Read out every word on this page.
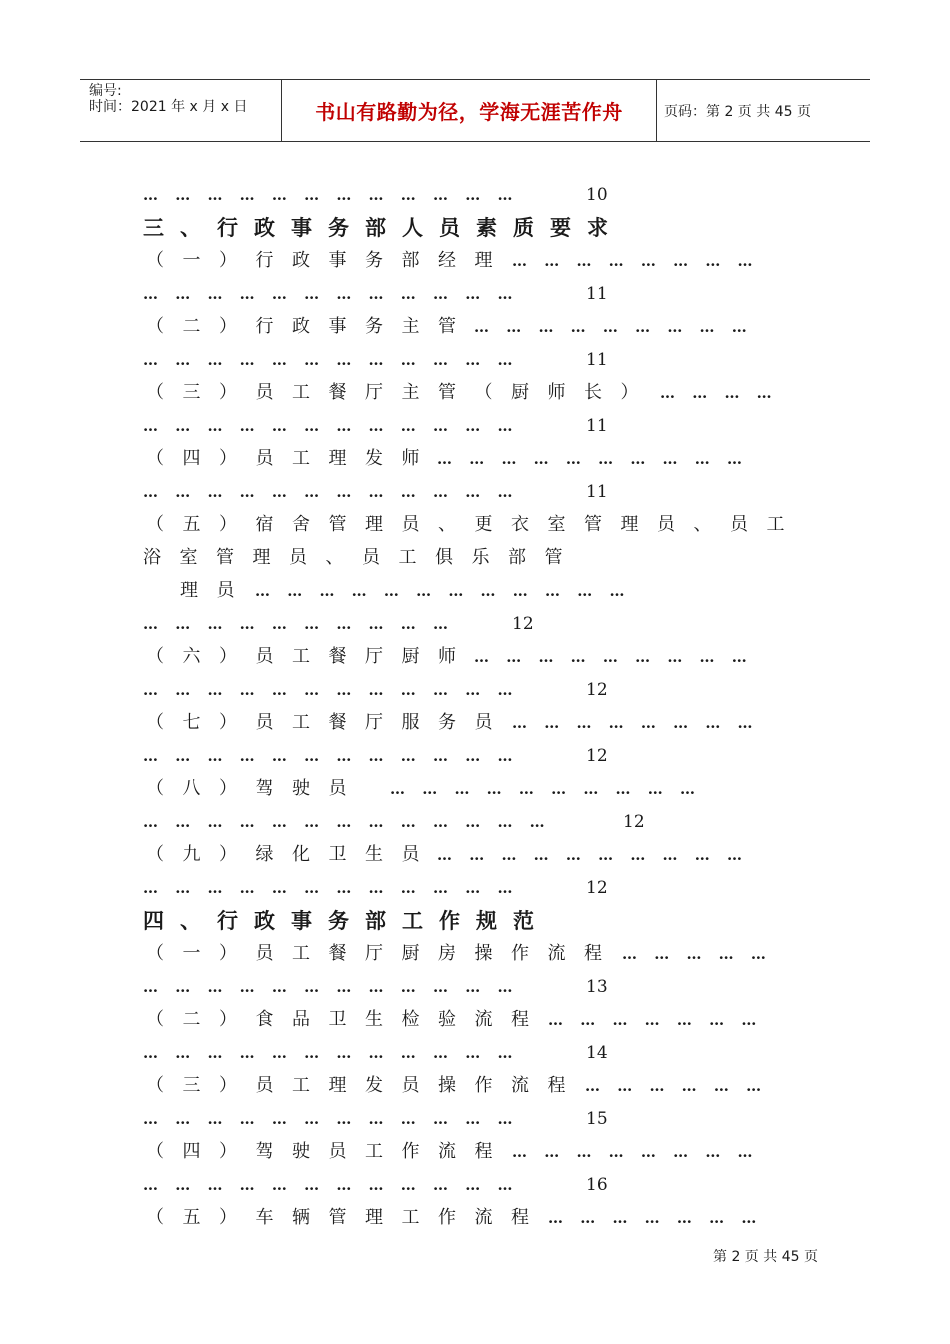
编号:
时间：2021 年 x 月 x 日	书山有路勤为径，学海无涯苦作舟	页码：第 2 页 共 45 页
… … … … … … … … … … … …	10
三、行政事务部人员素质要求
（一）行政事务部经理 … … … … … … … …
… … … … … … … … … … … …	11
（二）行政事务主管 … … … … … … … … …
… … … … … … … … … … … …	11
（三）员工餐厅主管（厨师长） … … … …
… … … … … … … … … … … …	11
（四）员工理发师 … … … … … … … … … …
… … … … … … … … … … … …	11
（五）宿舍管理员、更衣室管理员、员工
浴室管理员、员工俱乐部管
理员 … … … … … … … … … … … …
… … … … … … … … … …	12
（六）员工餐厅厨师 … … … … … … … … …
… … … … … … … … … … … …	12
（七）员工餐厅服务员 … … … … … … … …
… … … … … … … … … … … …	12
（八）驾驶员 … … … … … … … … … …
… … … … … … … … … … … … …	12
（九）绿化卫生员 … … … … … … … … … …
… … … … … … … … … … … …	12
四、行政事务部工作规范
（一）员工餐厅厨房操作流程 … … … … …
… … … … … … … … … … … …	13
（二）食品卫生检验流程 … … … … … … …
… … … … … … … … … … … …	14
（三）员工理发员操作流程 … … … … … …
… … … … … … … … … … … …	15
（四）驾驶员工作流程 … … … … … … … …
… … … … … … … … … … … …	16
（五）车辆管理工作流程 … … … … … … …
第 2 页 共 45 页
